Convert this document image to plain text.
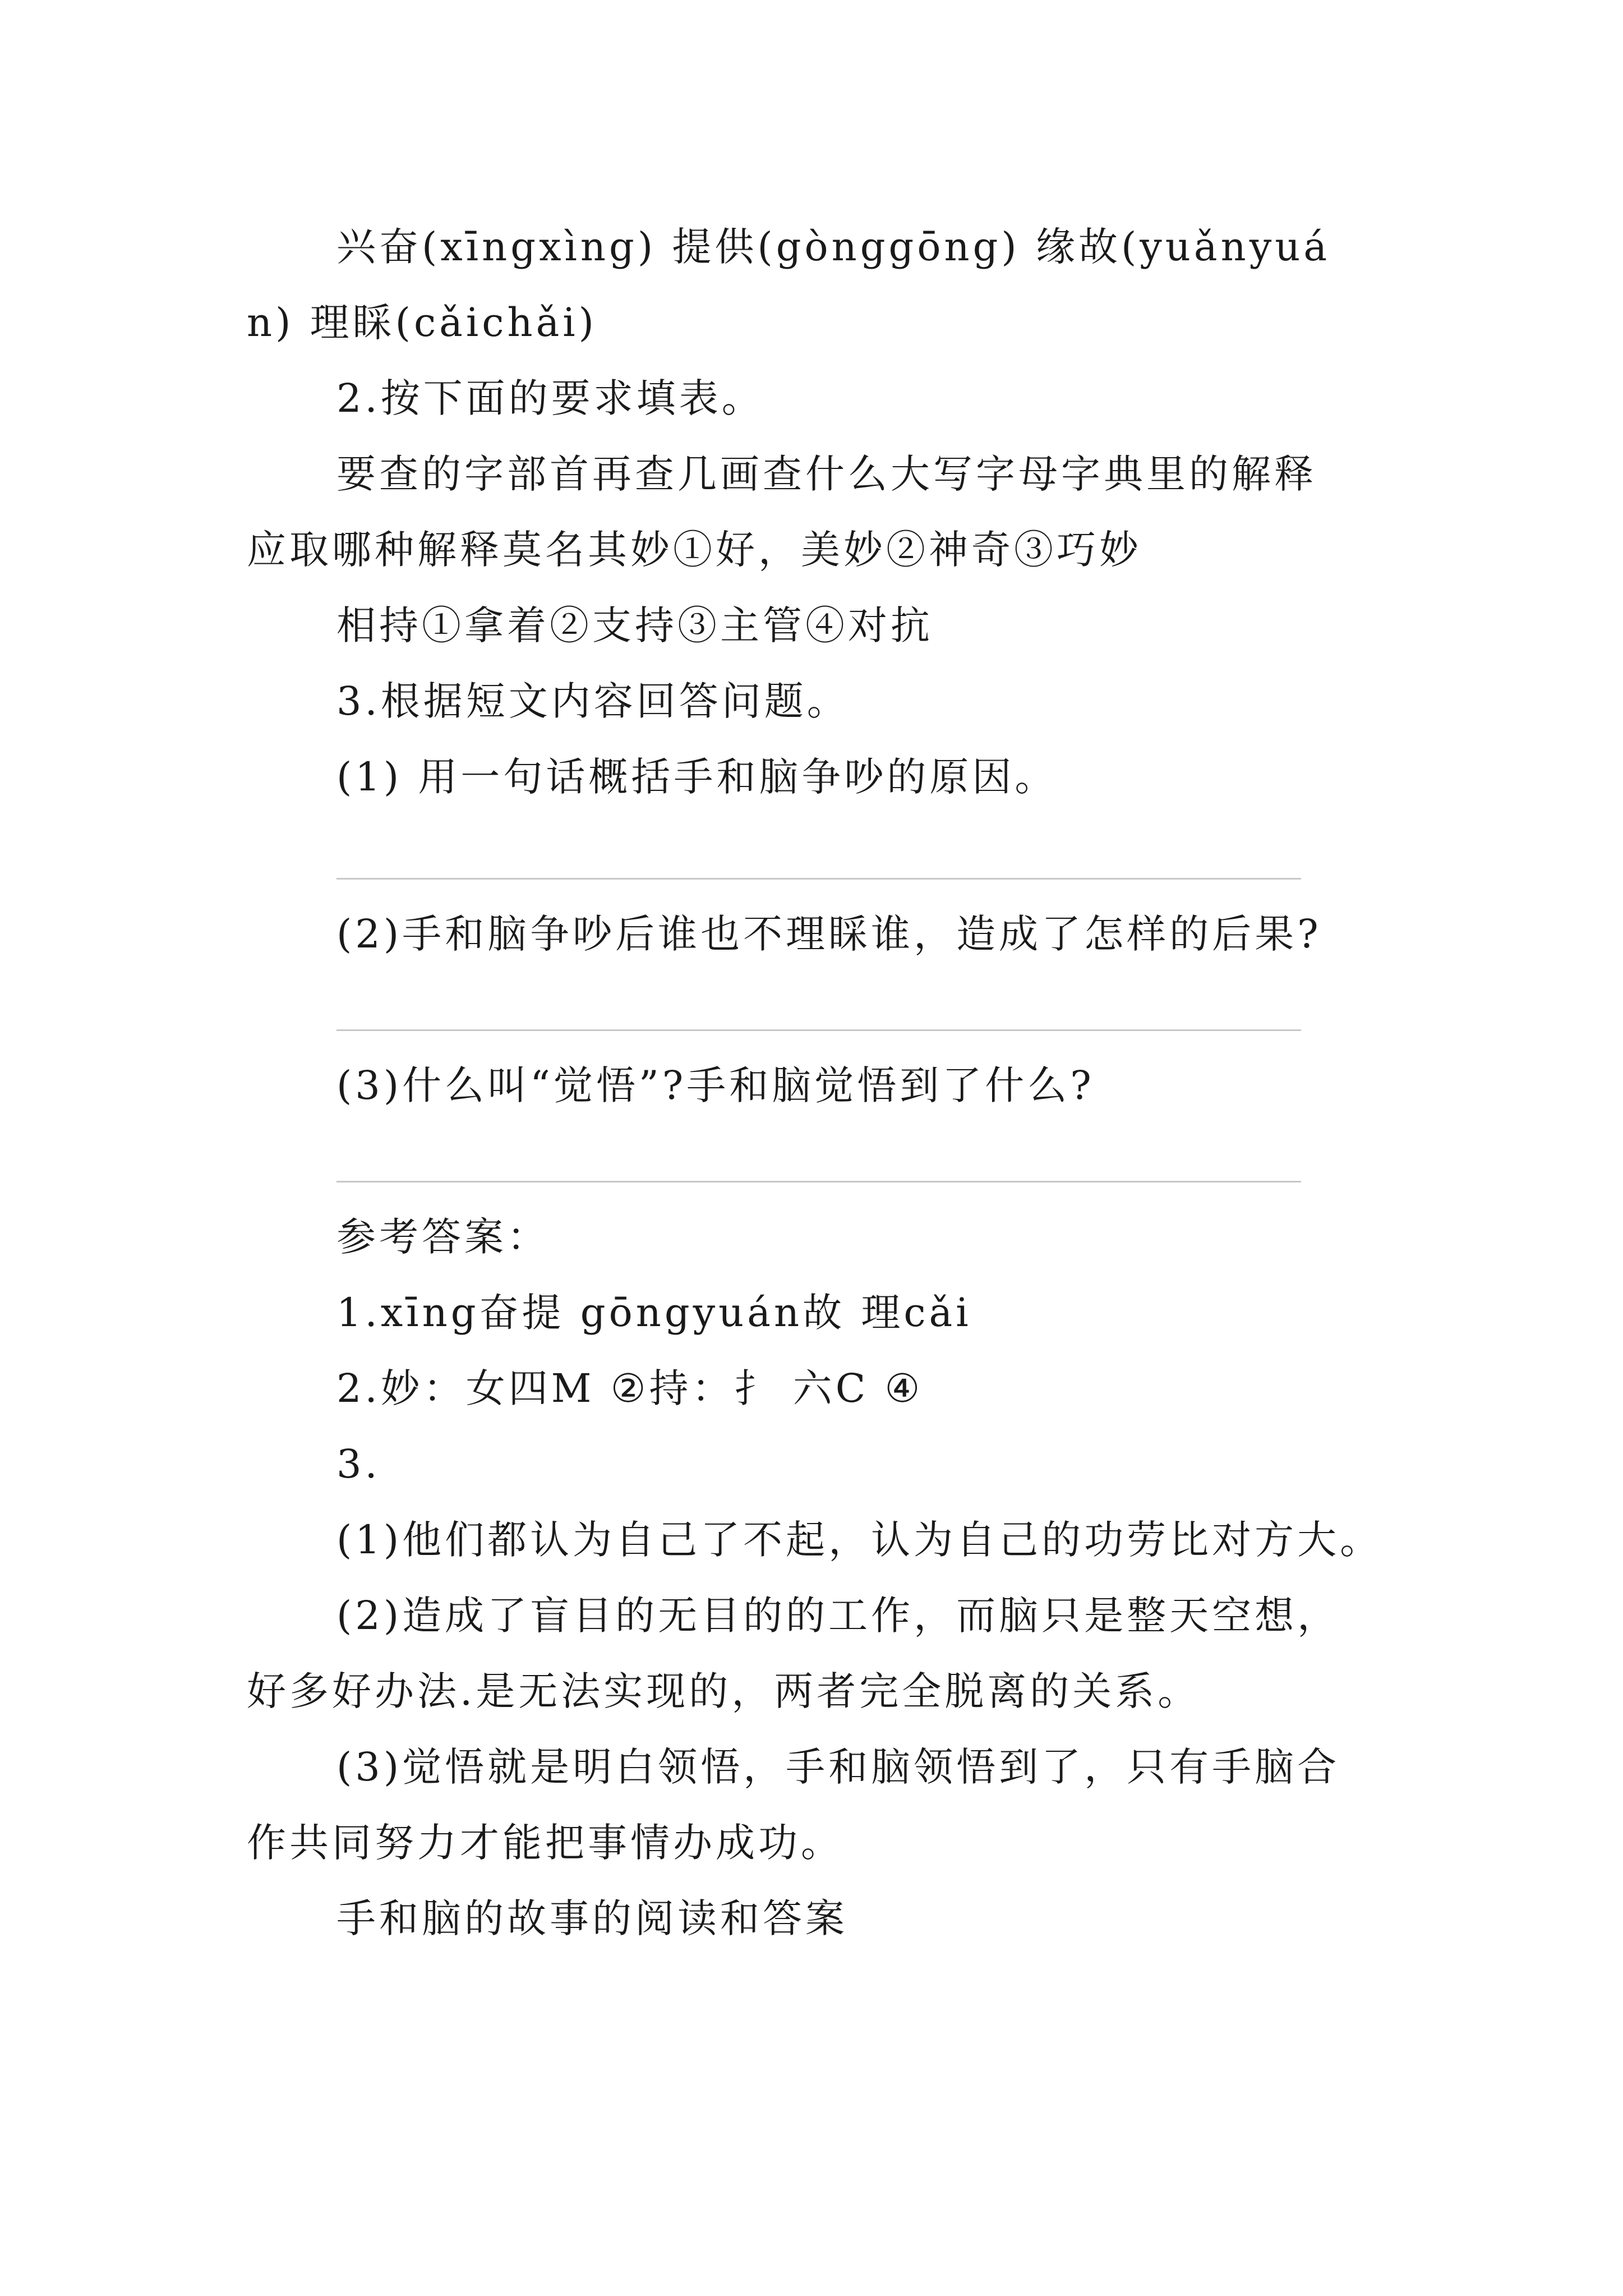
兴奋(xīngxìng) 提供(gònggōng) 缘故(yuǎnyuá
n) 理睬(cǎichǎi)
2.按下面的要求填表。
要查的字部首再查几画查什么大写字母字典里的解释
应取哪种解释莫名其妙①好，美妙②神奇③巧妙
相持①拿着②支持③主管④对抗
3.根据短文内容回答问题。
(1) 用一句话概括手和脑争吵的原因。
(2)手和脑争吵后谁也不理睬谁，造成了怎样的后果?
(3)什么叫“觉悟”?手和脑觉悟到了什么?
参考答案：
1.xīng奋提 gōngyuán故 理cǎi
2.妙：女四M ②持：扌 六C ④
3.
(1)他们都认为自己了不起，认为自己的功劳比对方大。
(2)造成了盲目的无目的的工作，而脑只是整天空想，
好多好办法.是无法实现的，两者完全脱离的关系。
(3)觉悟就是明白领悟，手和脑领悟到了，只有手脑合
作共同努力才能把事情办成功。
手和脑的故事的阅读和答案
